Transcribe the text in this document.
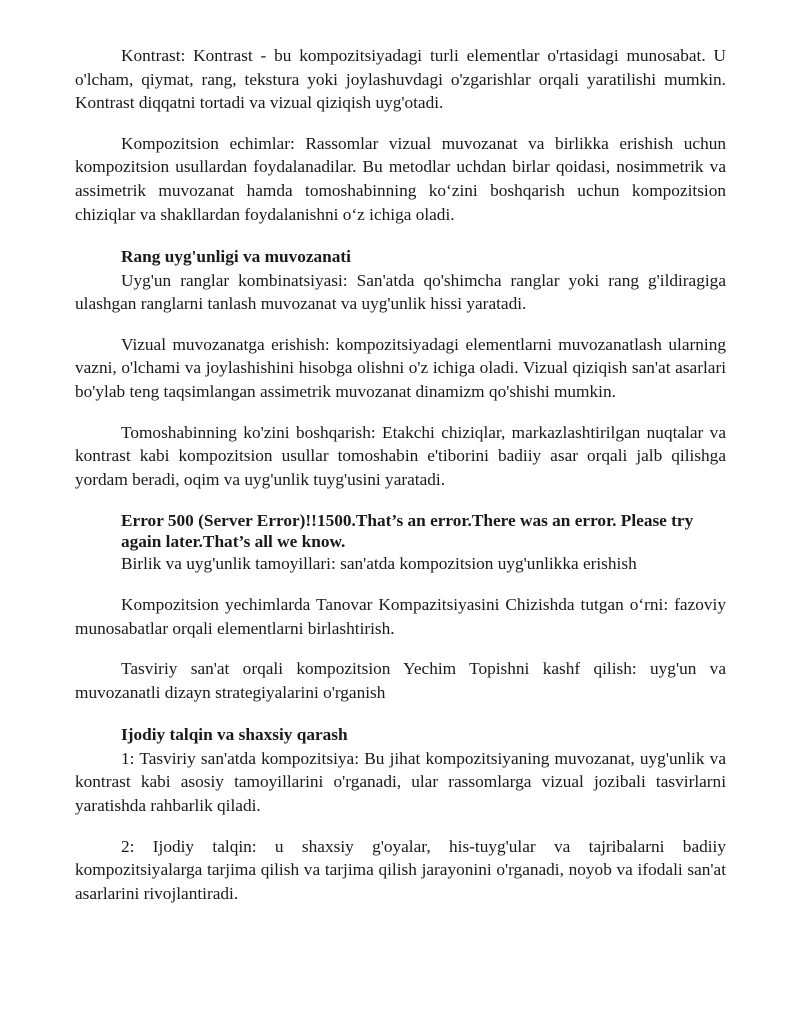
Kontrast: Kontrast - bu kompozitsiyadagi turli elementlar o'rtasidagi munosabat. U o'lcham, qiymat, rang, tekstura yoki joylashuvdagi o'zgarishlar orqali yaratilishi mumkin. Kontrast diqqatni tortadi va vizual qiziqish uyg'otadi.

Kompozitsion echimlar: Rassomlar vizual muvozanat va birlikka erishish uchun kompozitsion usullardan foydalanadilar. Bu metodlar uchdan birlar qoidasi, nosimmetrik va assimetrik muvozanat hamda tomoshabinning ko‘zini boshqarish uchun kompozitsion chiziqlar va shakllardan foydalanishni o‘z ichiga oladi.

Rang uyg'unligi va muvozanati

Uyg'un ranglar kombinatsiyasi: San'atda qo'shimcha ranglar yoki rang g'ildiragiga ulashgan ranglarni tanlash muvozanat va uyg'unlik hissi yaratadi.

Vizual muvozanatga erishish: kompozitsiyadagi elementlarni muvozanatlash ularning vazni, o'lchami va joylashishini hisobga olishni o'z ichiga oladi. Vizual qiziqish san'at asarlari bo'ylab teng taqsimlangan assimetrik muvozanat dinamizm qo'shishi mumkin.

Tomoshabinning ko'zini boshqarish: Etakchi chiziqlar, markazlashtirilgan nuqtalar va kontrast kabi kompozitsion usullar tomoshabin e'tiborini badiiy asar orqali jalb qilishga yordam beradi, oqim va uyg'unlik tuyg'usini yaratadi.

Error 500 (Server Error)!!1500.That’s an error.There was an error. Please try again later.That’s all we know.

Birlik va uyg'unlik tamoyillari: san'atda kompozitsion uyg'unlikka erishish

Kompozitsion yechimlarda Tanovar Kompazitsiyasini Chizishda tutgan o‘rni: fazoviy munosabatlar orqali elementlarni birlashtirish.

Tasviriy san'at orqali kompozitsion Yechim Topishni kashf qilish: uyg'un va muvozanatli dizayn strategiyalarini o'rganish

Ijodiy talqin va shaxsiy qarash

1: Tasviriy san'atda kompozitsiya: Bu jihat kompozitsiyaning muvozanat, uyg'unlik va kontrast kabi asosiy tamoyillarini o'rganadi, ular rassomlarga vizual jozibali tasvirlarni yaratishda rahbarlik qiladi.

2: Ijodiy talqin: u shaxsiy g'oyalar, his-tuyg'ular va tajribalarni badiiy kompozitsiyalarga tarjima qilish va tarjima qilish jarayonini o'rganadi, noyob va ifodali san'at asarlarini rivojlantiradi.
